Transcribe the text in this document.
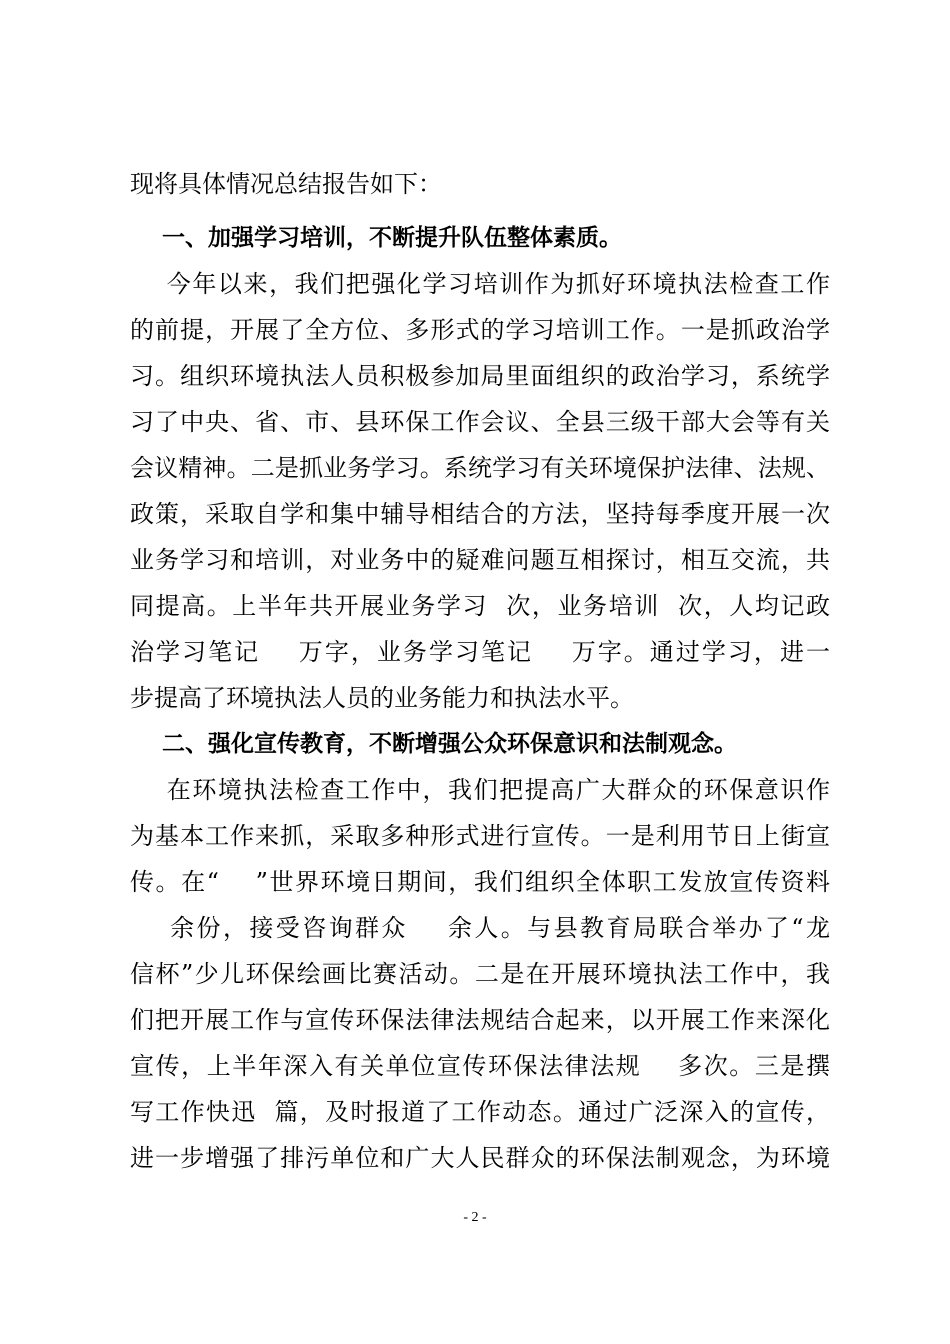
现将具体情况总结报告如下：
一、加强学习培训，不断提升队伍整体素质。
今年以来，我们把强化学习培训作为抓好环境执法检查工作
的前提，开展了全方位、多形式的学习培训工作。一是抓政治学
习。组织环境执法人员积极参加局里面组织的政治学习，系统学
习了中央、省、市、县环保工作会议、全县三级干部大会等有关
会议精神。二是抓业务学习。系统学习有关环境保护法律、法规、
政策，采取自学和集中辅导相结合的方法，坚持每季度开展一次
业务学习和培训，对业务中的疑难问题互相探讨，相互交流，共
同提高。上半年共开展业务学习  次，业务培训  次，人均记政
治学习笔记    万字，业务学习笔记    万字。通过学习，进一
步提高了环境执法人员的业务能力和执法水平。
二、强化宣传教育，不断增强公众环保意识和法制观念。
在环境执法检查工作中，我们把提高广大群众的环保意识作
为基本工作来抓，采取多种形式进行宣传。一是利用节日上街宣
传。在“    ”世界环境日期间，我们组织全体职工发放宣传资料
余份，接受咨询群众    余人。与县教育局联合举办了“龙
信杯”少儿环保绘画比赛活动。二是在开展环境执法工作中，我
们把开展工作与宣传环保法律法规结合起来，以开展工作来深化
宣传，上半年深入有关单位宣传环保法律法规    多次。三是撰
写工作快迅  篇，及时报道了工作动态。通过广泛深入的宣传，
进一步增强了排污单位和广大人民群众的环保法制观念，为环境
- 2 -
